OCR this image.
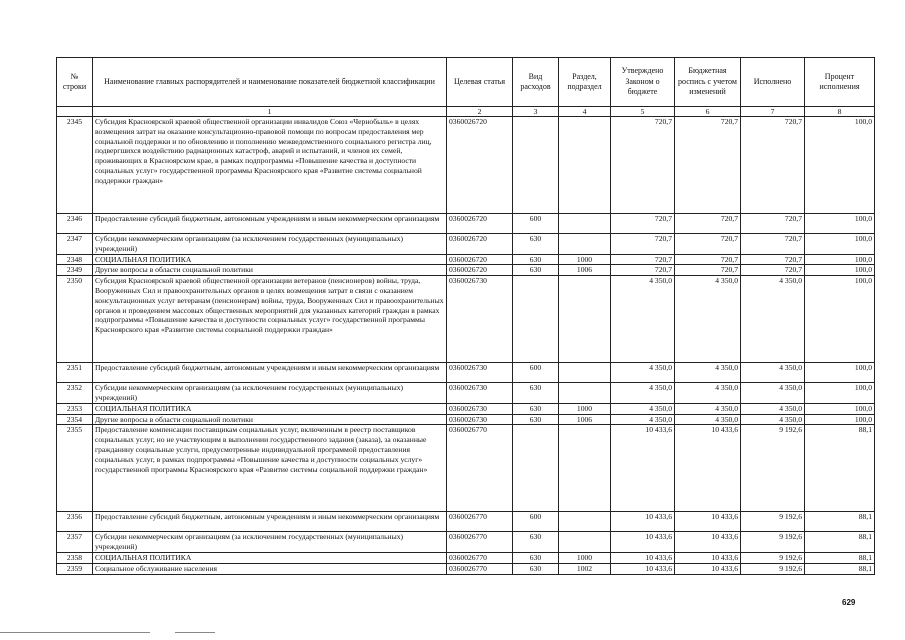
№ строки	Наименование главных распорядителей и наименование показателей бюджетной классификации	Целевая статья	Вид расходов	Раздел, подраздел	Утверждено Законом о бюджете	Бюджетная роспись с учетом изменений	Исполнено	Процент исполнения
	1	2	3	4	5	6	7	8
2345	Субсидия Красноярской краевой общественной организации инвалидов Союз «Чернобыль» в целях возмещения затрат на оказание консультационно-правовой помощи по вопросам предоставления мер социальной поддержки и по обновлению и пополнению межведомственного социального регистра лиц, подвергшихся воздействию радиационных катастроф, аварий и испытаний, и членов их семей, проживающих в Красноярском крае, в рамках подпрограммы «Повышение качества и доступности социальных услуг» государственной программы Красноярского края «Развитие системы социальной поддержки граждан»	0360026720			720,7	720,7	720,7	100,0
2346	Предоставление субсидий бюджетным, автономным учреждениям и иным некоммерческим организациям	0360026720	600		720,7	720,7	720,7	100,0
2347	Субсидии некоммерческим организациям (за исключением государственных (муниципальных) учреждений)	0360026720	630		720,7	720,7	720,7	100,0
2348	СОЦИАЛЬНАЯ ПОЛИТИКА	0360026720	630	1000	720,7	720,7	720,7	100,0
2349	Другие вопросы в области социальной политики	0360026720	630	1006	720,7	720,7	720,7	100,0
2350	Субсидия Красноярской краевой общественной организации ветеранов (пенсионеров) войны, труда, Вооруженных Сил и правоохранительных органов в целях возмещения затрат в связи с оказанием консультационных услуг ветеранам (пенсионерам) войны, труда, Вооруженных Сил и правоохранительных органов и проведением массовых общественных мероприятий для указанных категорий граждан в рамках подпрограммы «Повышение качества и доступности социальных услуг» государственной программы Красноярского края «Развитие системы социальной поддержки граждан»	0360026730			4 350,0	4 350,0	4 350,0	100,0
2351	Предоставление субсидий бюджетным, автономным учреждениям и иным некоммерческим организациям	0360026730	600		4 350,0	4 350,0	4 350,0	100,0
2352	Субсидии некоммерческим организациям (за исключением государственных (муниципальных) учреждений)	0360026730	630		4 350,0	4 350,0	4 350,0	100,0
2353	СОЦИАЛЬНАЯ ПОЛИТИКА	0360026730	630	1000	4 350,0	4 350,0	4 350,0	100,0
2354	Другие вопросы в области социальной политики	0360026730	630	1006	4 350,0	4 350,0	4 350,0	100,0
2355	Предоставление компенсации поставщикам социальных услуг, включенным в реестр поставщиков социальных услуг, но не участвующим в выполнении государственного задания (заказа), за оказанные гражданину социальные услуги, предусмотренные индивидуальной программой предоставления социальных услуг, в рамках подпрограммы «Повышение качества и доступности социальных услуг» государственной программы Красноярского края «Развитие системы социальной поддержки граждан»	0360026770			10 433,6	10 433,6	9 192,6	88,1
2356	Предоставление субсидий бюджетным, автономным учреждениям и иным некоммерческим организациям	0360026770	600		10 433,6	10 433,6	9 192,6	88,1
2357	Субсидии некоммерческим организациям (за исключением государственных (муниципальных) учреждений)	0360026770	630		10 433,6	10 433,6	9 192,6	88,1
2358	СОЦИАЛЬНАЯ ПОЛИТИКА	0360026770	630	1000	10 433,6	10 433,6	9 192,6	88,1
2359	Социальное обслуживание населения	0360026770	630	1002	10 433,6	10 433,6	9 192,6	88,1
629
